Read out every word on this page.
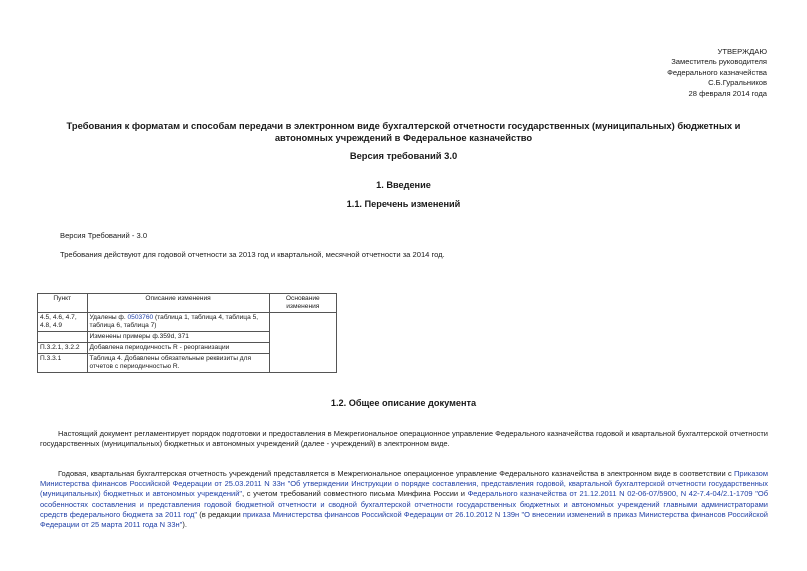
УТВЕРЖДАЮ
Заместитель руководителя
Федерального казначейства
С.Б.Гуральников
28 февраля 2014 года
Требования к форматам и способам передачи в электронном виде бухгалтерской отчетности государственных (муниципальных) бюджетных и автономных учреждений в Федеральное казначейство
Версия требований 3.0
1. Введение
1.1. Перечень изменений
Версия Требований - 3.0
Требования действуют для годовой отчетности за 2013 год и квартальной, месячной отчетности за 2014 год.
Пункт	Описание изменения	Основание изменения
4.5, 4.6, 4.7, 4.8, 4.9	Удалены ф. 0503760 (таблица 1, таблица 4, таблица 5, таблица 6, таблица 7)	
	Изменены примеры ф.359d, 371	
П.3.2.1, 3.2.2	Добавлена периодичность R - реорганизации	
П.3.3.1	Таблица 4. Добавлены обязательные реквизиты для отчетов с периодичностью R.	
1.2. Общее описание документа
Настоящий документ регламентирует порядок подготовки и предоставления в Межрегиональное операционное управление Федерального казначейства годовой и квартальной бухгалтерской отчетности государственных (муниципальных) бюджетных и автономных учреждений (далее - учреждений) в электронном виде.
Годовая, квартальная бухгалтерская отчетность учреждений представляется в Межрегиональное операционное управление Федерального казначейства в электронном виде в соответствии с Приказом Министерства финансов Российской Федерации от 25.03.2011 N 33н "Об утверждении Инструкции о порядке составления, представления годовой, квартальной бухгалтерской отчетности государственных (муниципальных) бюджетных и автономных учреждений", с учетом требований совместного письма Минфина России и Федерального казначейства от 21.12.2011 N 02-06-07/5900, N 42-7.4-04/2.1-1709 "Об особенностях составления и представления годовой бюджетной отчетности и сводной бухгалтерской отчетности государственных бюджетных и автономных учреждений главными администраторами средств федерального бюджета за 2011 год" (в редакции приказа Министерства финансов Российской Федерации от 26.10.2012 N 139н "О внесении изменений в приказ Министерства финансов Российской Федерации от 25 марта 2011 года N 33н").
